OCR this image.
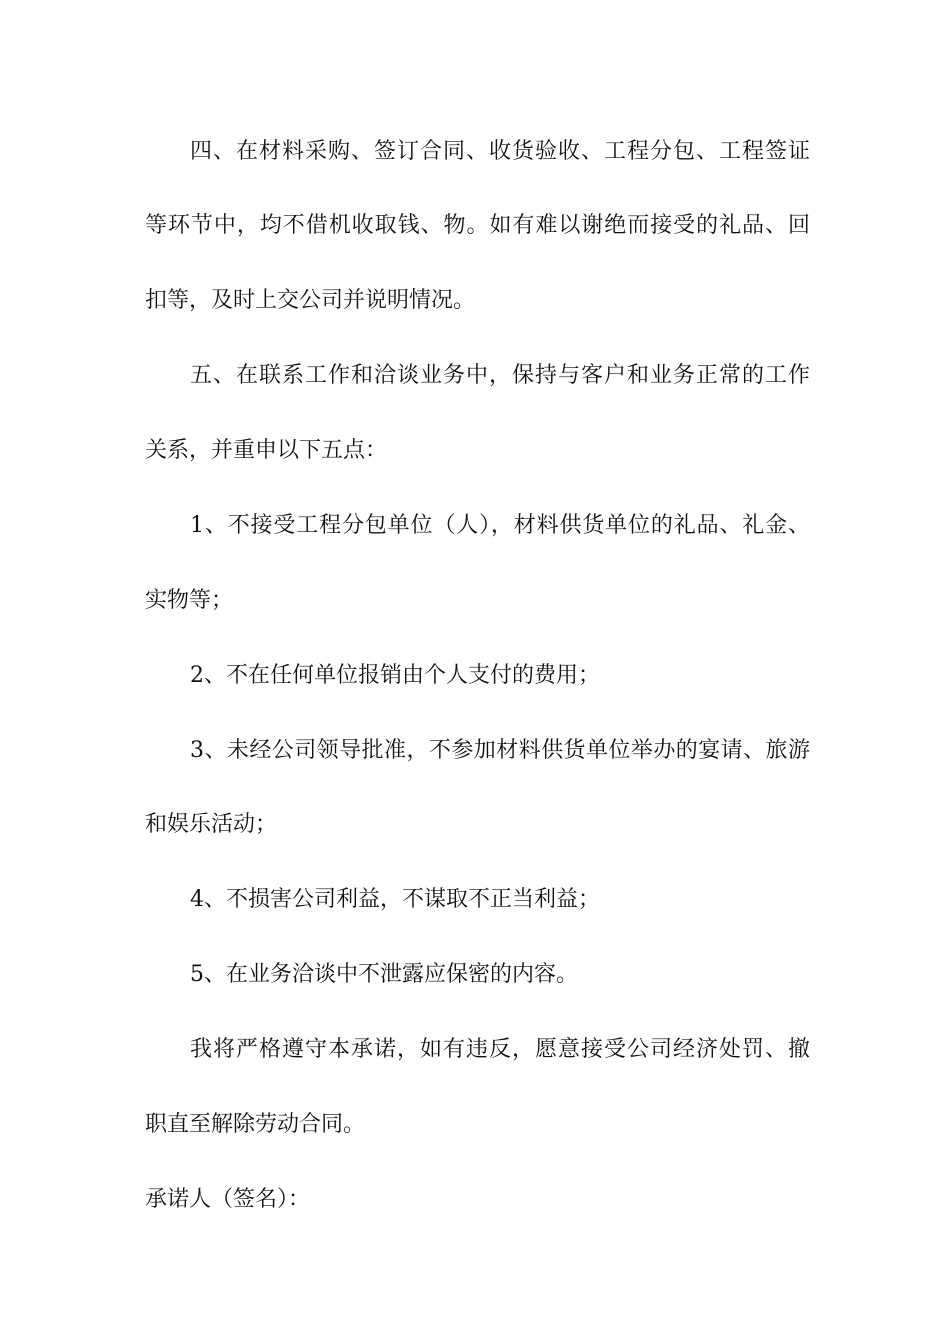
四、在材料采购、签订合同、收货验收、工程分包、工程签证
等环节中，均不借机收取钱、物。如有难以谢绝而接受的礼品、回
扣等，及时上交公司并说明情况。
五、在联系工作和洽谈业务中，保持与客户和业务正常的工作
关系，并重申以下五点：
1、不接受工程分包单位（人），材料供货单位的礼品、礼金、
实物等；
2、不在任何单位报销由个人支付的费用；
3、未经公司领导批准，不参加材料供货单位举办的宴请、旅游
和娱乐活动；
4、不损害公司利益，不谋取不正当利益；
5、在业务洽谈中不泄露应保密的内容。
我将严格遵守本承诺，如有违反，愿意接受公司经济处罚、撤
职直至解除劳动合同。
承诺人（签名）：
